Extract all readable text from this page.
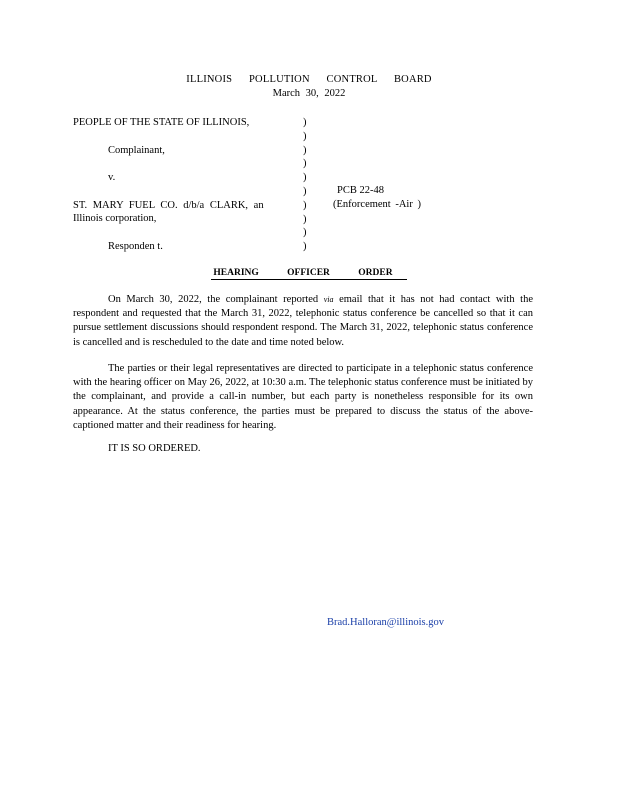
ILLINOIS POLLUTION CONTROL BOARD
March 30, 2022
PEOPLE OF THE STATE OF ILLINOIS,
Complainant,
v.
ST. MARY FUEL CO. d/b/a CLARK, an
Illinois corporation,
Responden t.
)
)
)
)
)
)
)
)
)
)
PCB 22-48
(Enforcement -Air )
HEARING OFFICER ORDER
On March 30, 2022, the complainant reported via email that it has not had contact with the respondent and requested that the March 31, 2022, telephonic status conference be cancelled so that it can pursue settlement discussions should respondent respond. The March 31, 2022, telephonic status conference is cancelled and is rescheduled to the date and time noted below.
The parties or their legal representatives are directed to participate in a telephonic status conference with the hearing officer on May 26, 2022, at 10:30 a.m. The telephonic status conference must be initiated by the complainant, and provide a call-in number, but each party is nonetheless responsible for its own appearance. At the status conference, the parties must be prepared to discuss the status of the above-captioned matter and their readiness for hearing.
IT IS SO ORDERED.
Brad.Halloran@illinois.gov
